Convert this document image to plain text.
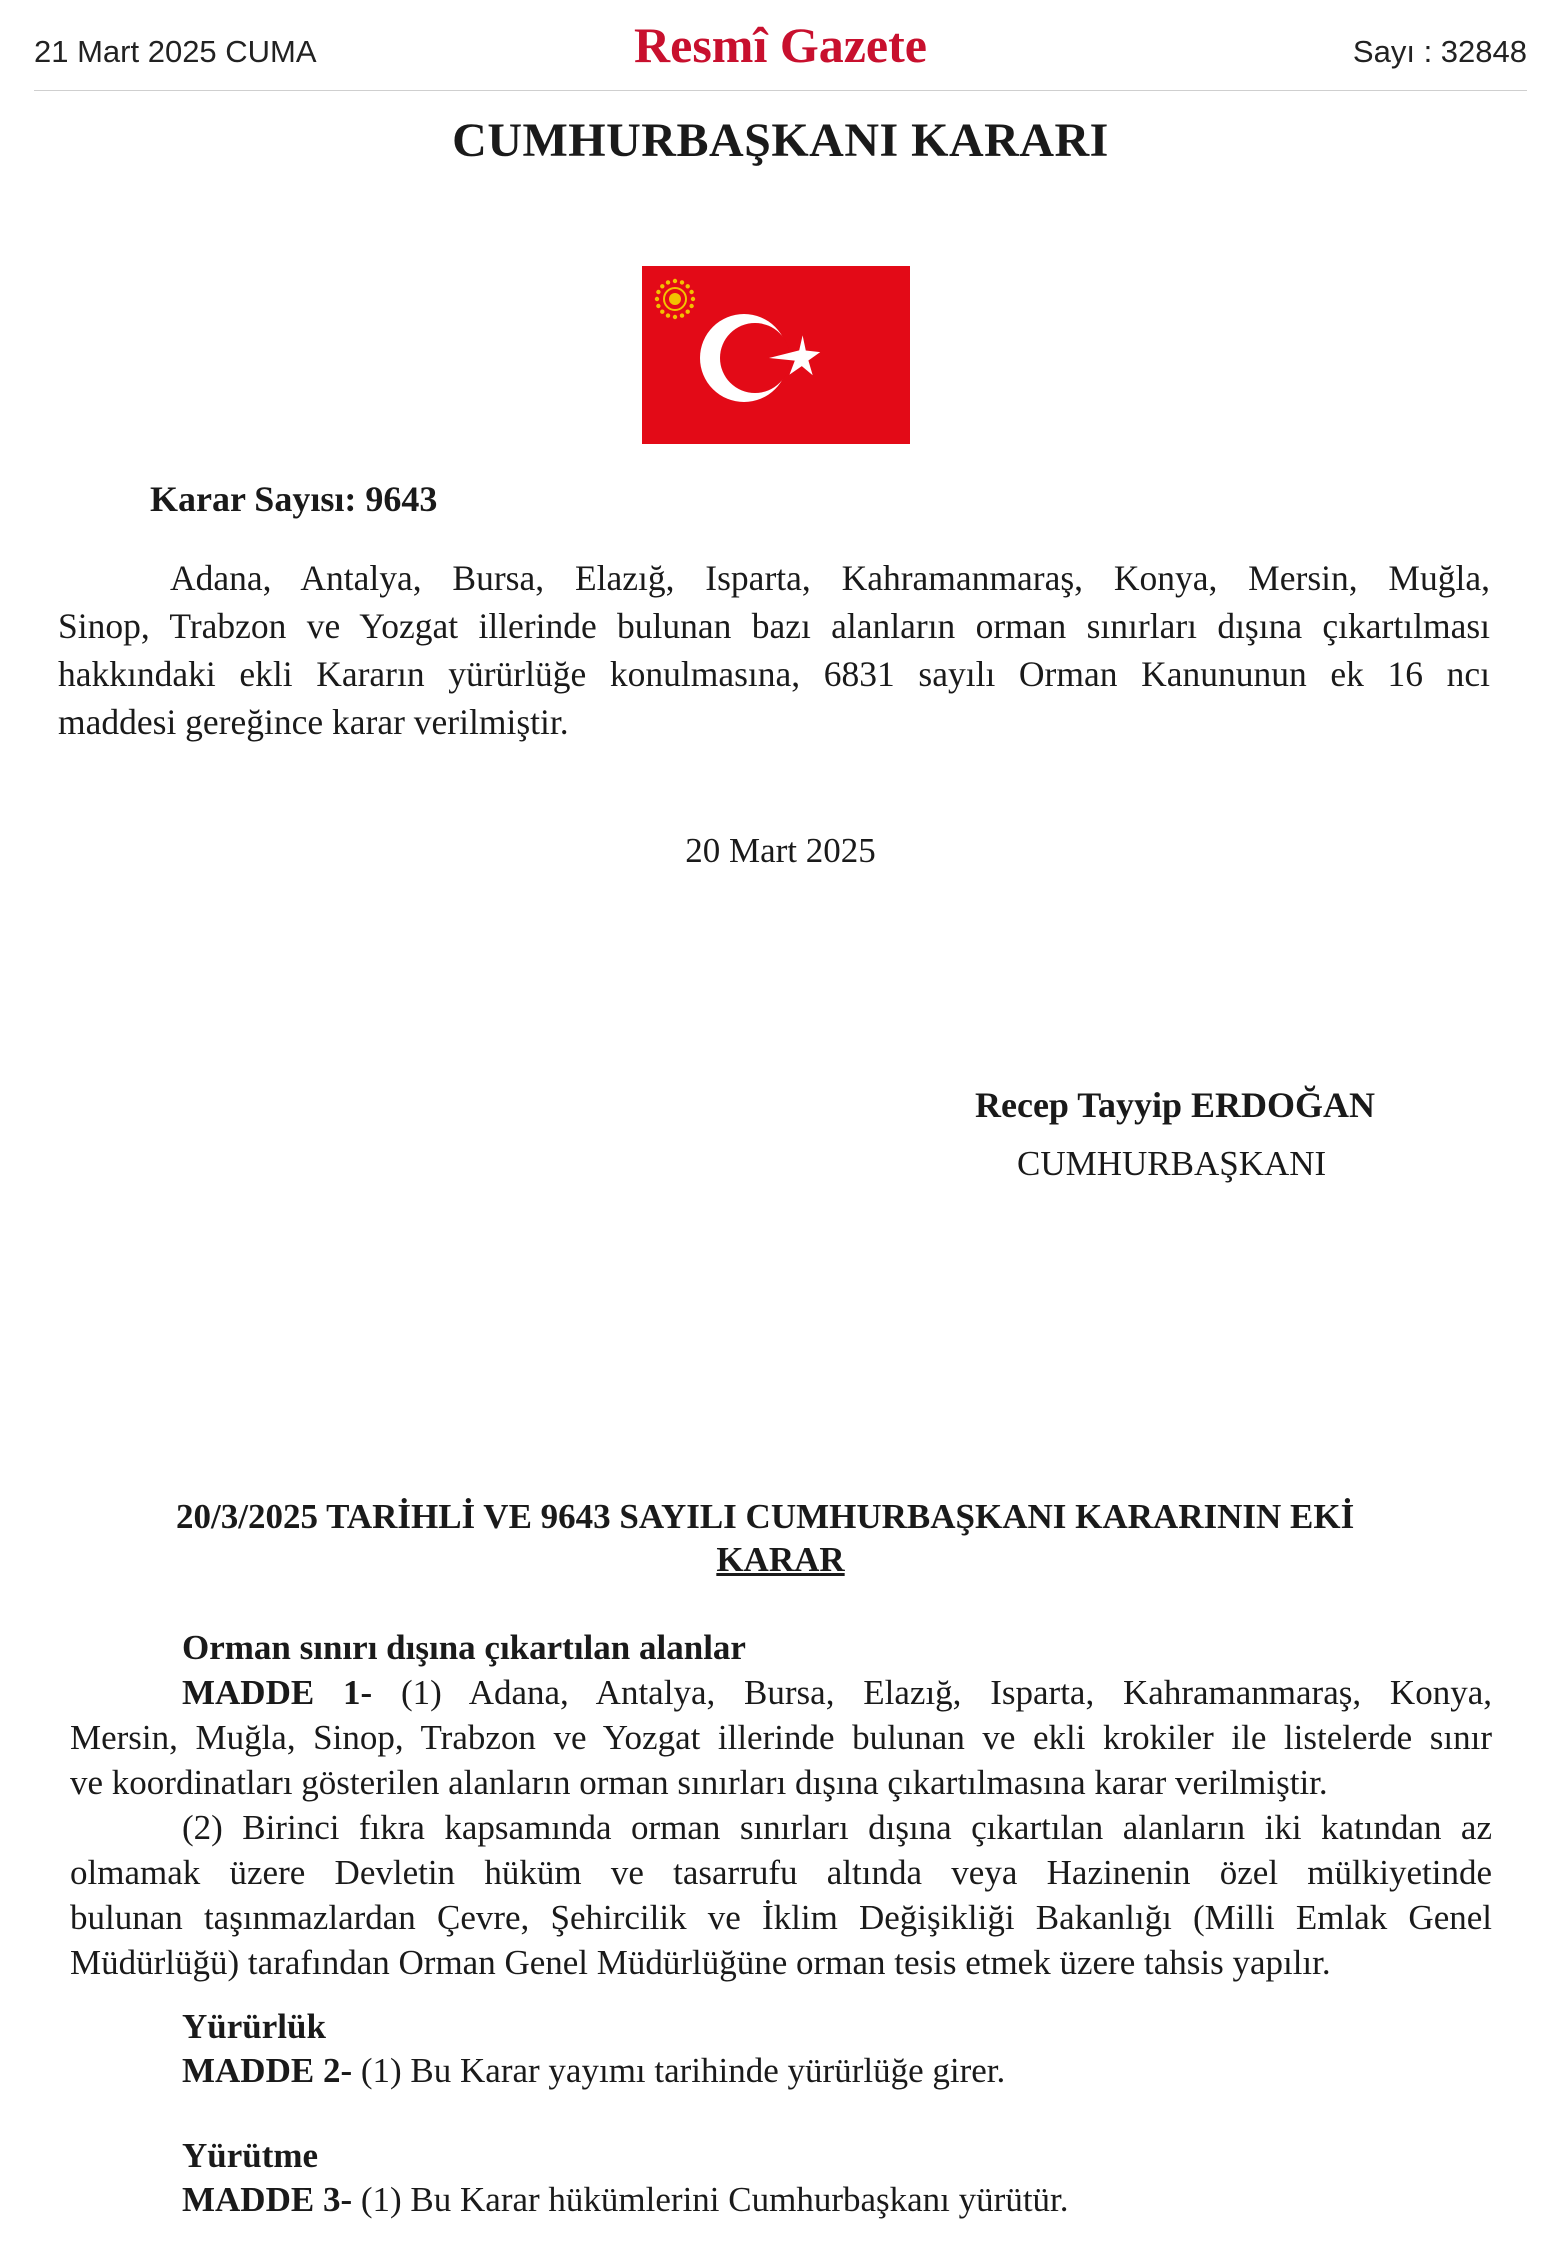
21 Mart 2025 CUMA	Resmî Gazete	Sayı : 32848
CUMHURBAŞKANI KARARI
Karar Sayısı: 9643
Adana, Antalya, Bursa, Elazığ, Isparta, Kahramanmaraş, Konya, Mersin, Muğla,
Sinop, Trabzon ve Yozgat illerinde bulunan bazı alanların orman sınırları dışına çıkartılması
hakkındaki ekli Kararın yürürlüğe konulmasına, 6831 sayılı Orman Kanununun ek 16 ncı
maddesi gereğince karar verilmiştir.
20 Mart 2025
Recep Tayyip ERDOĞAN
CUMHURBAŞKANI
20/3/2025 TARİHLİ VE 9643 SAYILI CUMHURBAŞKANI KARARININ EKİ
KARAR
Orman sınırı dışına çıkartılan alanlar
MADDE 1- (1) Adana, Antalya, Bursa, Elazığ, Isparta, Kahramanmaraş, Konya,
Mersin, Muğla, Sinop, Trabzon ve Yozgat illerinde bulunan ve ekli krokiler ile listelerde sınır
ve koordinatları gösterilen alanların orman sınırları dışına çıkartılmasına karar verilmiştir.
(2) Birinci fıkra kapsamında orman sınırları dışına çıkartılan alanların iki katından az
olmamak üzere Devletin hüküm ve tasarrufu altında veya Hazinenin özel mülkiyetinde
bulunan taşınmazlardan Çevre, Şehircilik ve İklim Değişikliği Bakanlığı (Milli Emlak Genel
Müdürlüğü) tarafından Orman Genel Müdürlüğüne orman tesis etmek üzere tahsis yapılır.
Yürürlük
MADDE 2- (1) Bu Karar yayımı tarihinde yürürlüğe girer.
Yürütme
MADDE 3- (1) Bu Karar hükümlerini Cumhurbaşkanı yürütür.
